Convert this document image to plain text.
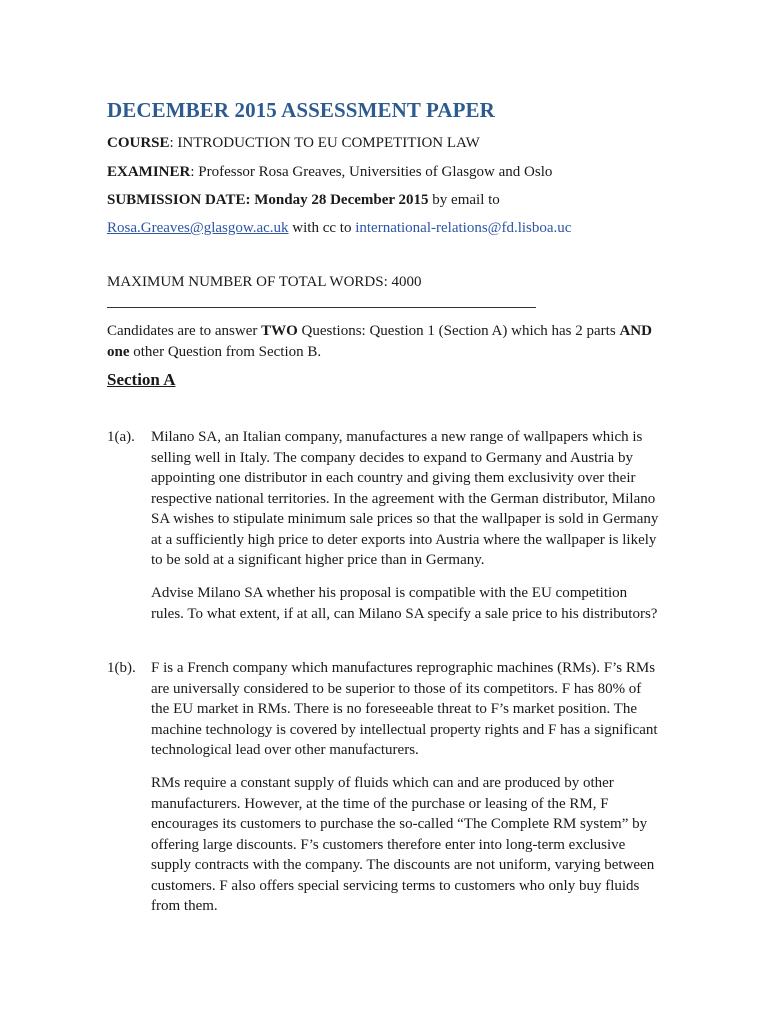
DECEMBER 2015 ASSESSMENT PAPER
COURSE: INTRODUCTION TO EU COMPETITION LAW
EXAMINER: Professor Rosa Greaves, Universities of Glasgow and Oslo
SUBMISSION DATE: Monday 28 December 2015 by email to
Rosa.Greaves@glasgow.ac.uk with cc to international-relations@fd.lisboa.uc
MAXIMUM NUMBER OF TOTAL WORDS: 4000
Candidates are to answer TWO Questions: Question 1 (Section A) which has 2 parts AND one other Question from Section B.
Section A
1(a). Milano SA, an Italian company, manufactures a new range of wallpapers which is selling well in Italy. The company decides to expand to Germany and Austria by appointing one distributor in each country and giving them exclusivity over their respective national territories. In the agreement with the German distributor, Milano SA wishes to stipulate minimum sale prices so that the wallpaper is sold in Germany at a sufficiently high price to deter exports into Austria where the wallpaper is likely to be sold at a significant higher price than in Germany.
Advise Milano SA whether his proposal is compatible with the EU competition rules. To what extent, if at all, can Milano SA specify a sale price to his distributors?
1(b). F is a French company which manufactures reprographic machines (RMs). F’s RMs are universally considered to be superior to those of its competitors. F has 80% of the EU market in RMs. There is no foreseeable threat to F’s market position. The machine technology is covered by intellectual property rights and F has a significant technological lead over other manufacturers.
RMs require a constant supply of fluids which can and are produced by other manufacturers. However, at the time of the purchase or leasing of the RM, F encourages its customers to purchase the so-called “The Complete RM system” by offering large discounts. F’s customers therefore enter into long-term exclusive supply contracts with the company. The discounts are not uniform, varying between customers. F also offers special servicing terms to customers who only buy fluids from them.
